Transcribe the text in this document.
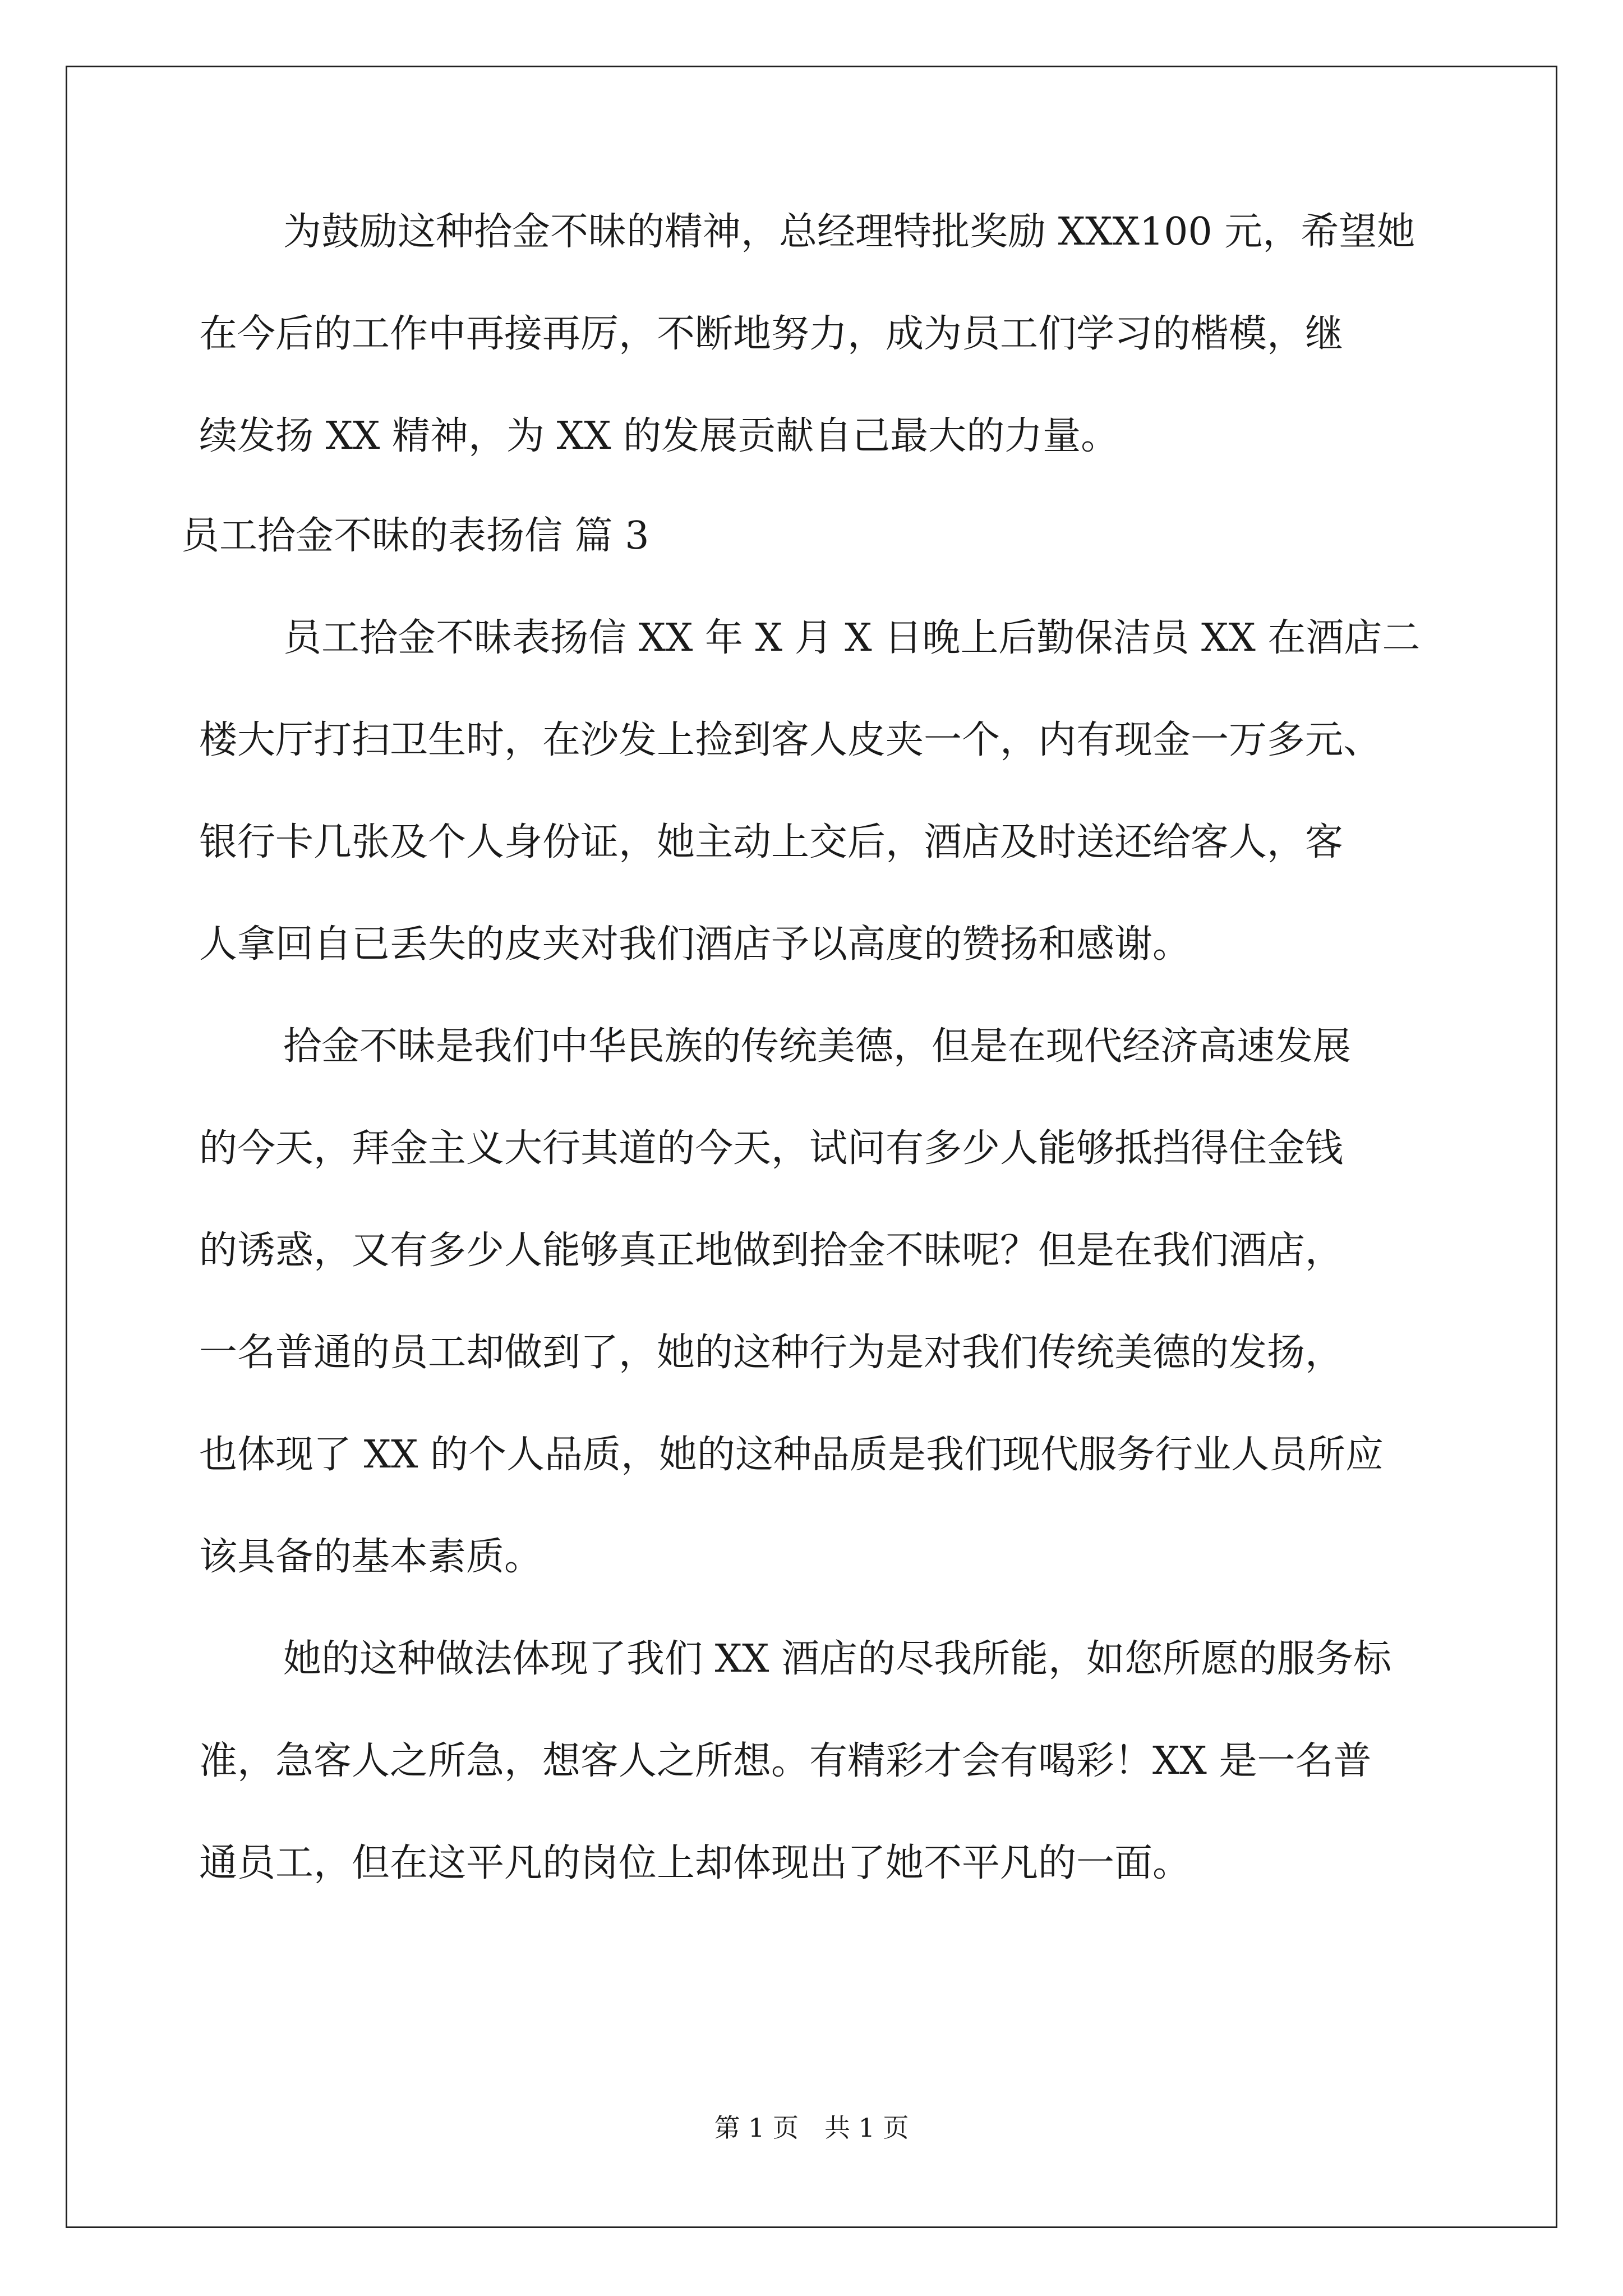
为鼓励这种拾金不昧的精神，总经理特批奖励 XXX100 元，希望她
在今后的工作中再接再厉，不断地努力，成为员工们学习的楷模，继
续发扬 XX 精神，为 XX 的发展贡献自己最大的力量。
员工拾金不昧的表扬信 篇 3
员工拾金不昧表扬信 XX 年 X 月 X 日晚上后勤保洁员 XX 在酒店二
楼大厅打扫卫生时，在沙发上捡到客人皮夹一个，内有现金一万多元、
银行卡几张及个人身份证，她主动上交后，酒店及时送还给客人，客
人拿回自已丢失的皮夹对我们酒店予以高度的赞扬和感谢。
拾金不昧是我们中华民族的传统美德，但是在现代经济高速发展
的今天，拜金主义大行其道的今天，试问有多少人能够抵挡得住金钱
的诱惑，又有多少人能够真正地做到拾金不昧呢？但是在我们酒店，
一名普通的员工却做到了，她的这种行为是对我们传统美德的发扬，
也体现了 XX 的个人品质，她的这种品质是我们现代服务行业人员所应
该具备的基本素质。
她的这种做法体现了我们 XX 酒店的尽我所能，如您所愿的服务标
准，急客人之所急，想客人之所想。有精彩才会有喝彩！XX 是一名普
通员工，但在这平凡的岗位上却体现出了她不平凡的一面。
第 1 页 共 1 页
